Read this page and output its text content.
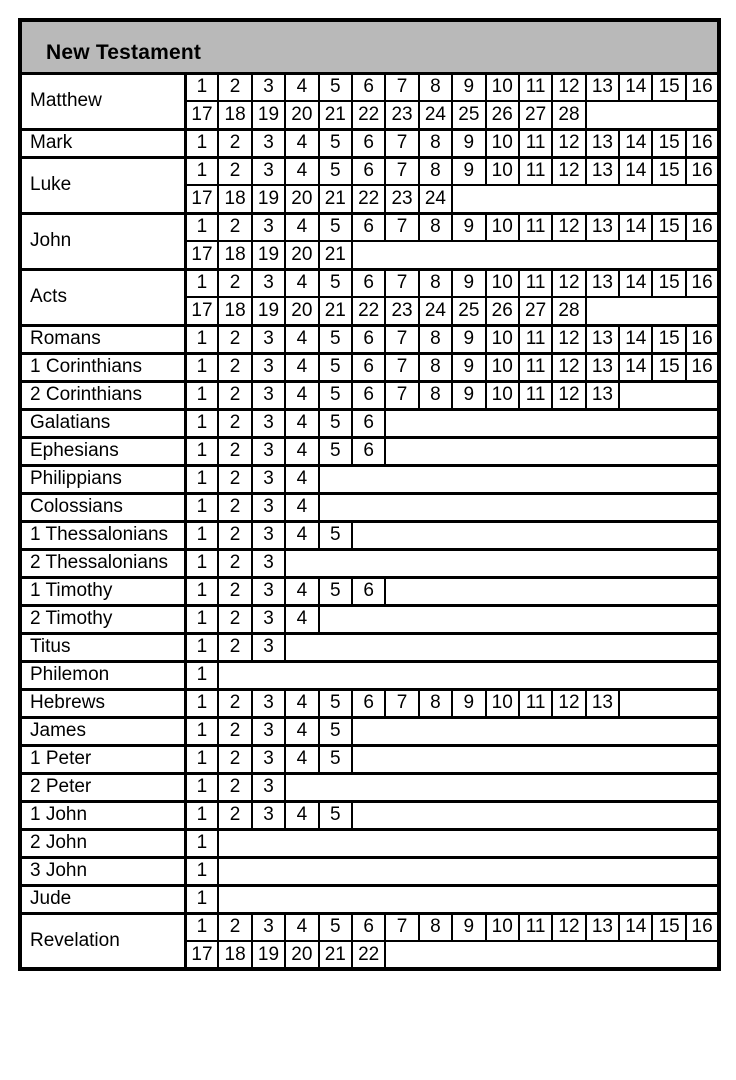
New Testament																
Matthew	1	2	3	4	5	6	7	8	9	10	11	12	13	14	15	16
	17	18	19	20	21	22	23	24	25	26	27	28				
Mark	1	2	3	4	5	6	7	8	9	10	11	12	13	14	15	16
Luke	1	2	3	4	5	6	7	8	9	10	11	12	13	14	15	16
	17	18	19	20	21	22	23	24								
John	1	2	3	4	5	6	7	8	9	10	11	12	13	14	15	16
	17	18	19	20	21											
Acts	1	2	3	4	5	6	7	8	9	10	11	12	13	14	15	16
	17	18	19	20	21	22	23	24	25	26	27	28				
Romans	1	2	3	4	5	6	7	8	9	10	11	12	13	14	15	16
1 Corinthians	1	2	3	4	5	6	7	8	9	10	11	12	13	14	15	16
2 Corinthians	1	2	3	4	5	6	7	8	9	10	11	12	13			
Galatians	1	2	3	4	5	6										
Ephesians	1	2	3	4	5	6										
Philippians	1	2	3	4												
Colossians	1	2	3	4												
1 Thessalonians	1	2	3	4	5											
2 Thessalonians	1	2	3													
1 Timothy	1	2	3	4	5	6										
2 Timothy	1	2	3	4												
Titus	1	2	3													
Philemon	1															
Hebrews	1	2	3	4	5	6	7	8	9	10	11	12	13			
James	1	2	3	4	5											
1 Peter	1	2	3	4	5											
2 Peter	1	2	3													
1 John	1	2	3	4	5											
2 John	1															
3 John	1															
Jude	1															
Revelation	1	2	3	4	5	6	7	8	9	10	11	12	13	14	15	16
	17	18	19	20	21	22										
